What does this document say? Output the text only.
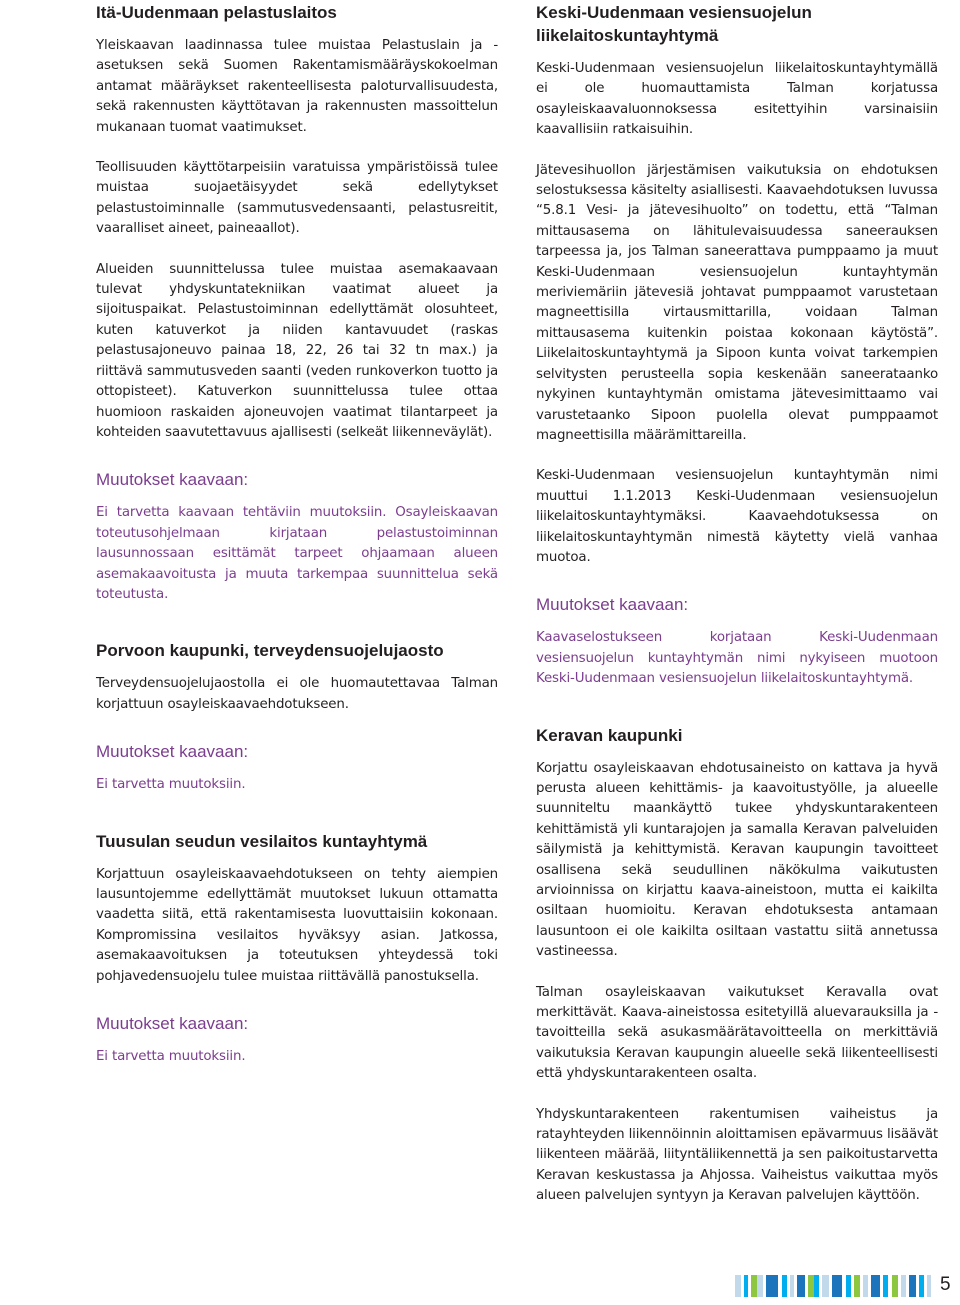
Itä-Uudenmaan pelastuslaitos

Yleiskaavan laadinnassa tulee muistaa Pelastuslain ja -asetuksen sekä Suomen Rakentamismääräyskokoelman antamat määräykset rakenteellisesta paloturvallisuudesta, sekä rakennusten käyttötavan ja rakennusten massoittelun mukanaan tuomat vaatimukset.

Teollisuuden käyttötarpeisiin varatuissa ympäristöissä tulee muistaa suojaetäisyydet sekä edellytykset pelastustoiminnalle (sammutusvedensaanti, pelastusreitit, vaaralliset aineet, paineaallot).

Alueiden suunnittelussa tulee muistaa asemakaavaan tulevat yhdyskuntatekniikan vaatimat alueet ja sijoituspaikat. Pelastustoiminnan edellyttämät olosuhteet, kuten katuverkot ja niiden kantavuudet (raskas pelastusajoneuvo painaa 18, 22, 26 tai 32 tn max.) ja riittävä sammutusveden saanti (veden runkoverkon tuotto ja ottopisteet). Katuverkon suunnittelussa tulee ottaa huomioon raskaiden ajoneuvojen vaatimat tilantarpeet ja kohteiden saavutettavuus ajallisesti (selkeät liikenneväylät).

Muutokset kaavaan:

Ei tarvetta kaavaan tehtäviin muutoksiin. Osayleiskaavan toteutusohjelmaan kirjataan pelastustoiminnan lausunnossaan esittämät tarpeet ohjaamaan alueen asemakaavoitusta ja muuta tarkempaa suunnittelua sekä toteutusta.

Porvoon kaupunki, terveydensuojelujaosto

Terveydensuojelujaostolla ei ole huomautettavaa Talman korjattuun osayleiskaavaehdotukseen.

Muutokset kaavaan:

Ei tarvetta muutoksiin.

Tuusulan seudun vesilaitos kuntayhtymä

Korjattuun osayleiskaavaehdotukseen on tehty aiempien lausuntojemme edellyttämät muutokset lukuun ottamatta vaadetta siitä, että rakentamisesta luovuttaisiin kokonaan. Kompromissina vesilaitos hyväksyy asian. Jatkossa, asemakaavoituksen ja toteutuksen yhteydessä toki pohjavedensuojelu tulee muistaa riittävällä panostuksella.

Muutokset kaavaan:

Ei tarvetta muutoksiin.

Keski-Uudenmaan vesiensuojelun liikelaitoskuntayhtymä

Keski-Uudenmaan vesiensuojelun liikelaitoskuntayhtymällä ei ole huomauttamista Talman korjatussa osayleiskaavaluonnoksessa esitettyihin varsinaisiin kaavallisiin ratkaisuihin.

Jätevesihuollon järjestämisen vaikutuksia on ehdotuksen selostuksessa käsitelty asiallisesti. Kaavaehdotuksen luvussa “5.8.1 Vesi- ja jätevesihuolto” on todettu, että “Talman mittausasema on lähitulevaisuudessa saneerauksen tarpeessa ja, jos Talman saneerattava pumppaamo ja muut Keski-Uudenmaan vesiensuojelun kuntayhtymän meriviemäriin jätevesiä johtavat pumppaamot varustetaan magneettisilla virtausmittarilla, voidaan Talman mittausasema kuitenkin poistaa kokonaan käytöstä”. Liikelaitoskuntayhtymä ja Sipoon kunta voivat tarkempien selvitysten perusteella sopia keskenään saneerataanko nykyinen kuntayhtymän omistama jätevesimittaamo vai varustetaanko Sipoon puolella olevat pumppaamot magneettisilla määrämittareilla.

Keski-Uudenmaan vesiensuojelun kuntayhtymän nimi muuttui 1.1.2013 Keski-Uudenmaan vesiensuojelun liikelaitoskuntayhtymäksi. Kaavaehdotuksessa on liikelaitoskuntayhtymän nimestä käytetty vielä vanhaa muotoa.

Muutokset kaavaan:

Kaavaselostukseen korjataan Keski-Uudenmaan vesiensuojelun kuntayhtymän nimi nykyiseen muotoon Keski-Uudenmaan vesiensuojelun liikelaitoskuntayhtymä.

Keravan kaupunki

Korjattu osayleiskaavan ehdotusaineisto on kattava ja hyvä perusta alueen kehittämis- ja kaavoitustyölle, ja alueelle suunniteltu maankäyttö tukee yhdyskuntarakenteen kehittämistä yli kuntarajojen ja samalla Keravan palveluiden säilymistä ja kehittymistä. Keravan kaupungin tavoitteet osallisena sekä seudullinen näkökulma vaikutusten arvioinnissa on kirjattu kaava-aineistoon, mutta ei kaikilta osiltaan huomioitu. Keravan ehdotuksesta antamaan lausuntoon ei ole kaikilta osiltaan vastattu siitä annetussa vastineessa.

Talman osayleiskaavan vaikutukset Keravalla ovat merkittävät. Kaava-aineistossa esitetyillä aluevarauksilla ja -tavoitteilla sekä asukasmäärätavoitteella on merkittäviä vaikutuksia Keravan kaupungin alueelle sekä liikenteellisesti että yhdyskuntarakenteen osalta.

Yhdyskuntarakenteen rakentumisen vaiheistus ja ratayhteyden liikennöinnin aloittamisen epävarmuus lisäävät liikenteen määrää, liityntäliikennettä ja sen paikoitustarvetta Keravan keskustassa ja Ahjossa. Vaiheistus vaikuttaa myös alueen palvelujen syntyyn ja Keravan palvelujen käyttöön.

5
